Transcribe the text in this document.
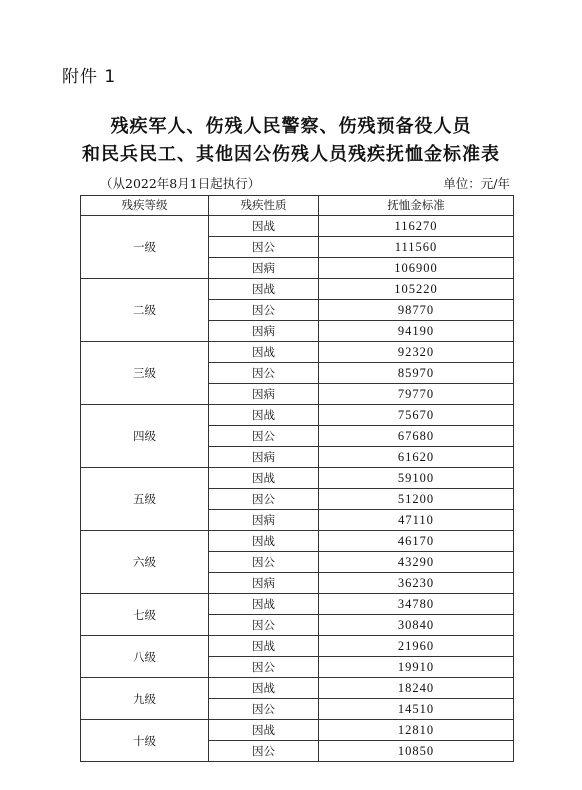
附件 1
残疾军人、伤残人民警察、伤残预备役人员
和民兵民工、其他因公伤残人员残疾抚恤金标准表
（从2022年8月1日起执行）	单位：元/年
残疾等级	残疾性质	抚恤金标准
一级	因战	116270
	因公	111560
	因病	106900
二级	因战	105220
	因公	98770
	因病	94190
三级	因战	92320
	因公	85970
	因病	79770
四级	因战	75670
	因公	67680
	因病	61620
五级	因战	59100
	因公	51200
	因病	47110
六级	因战	46170
	因公	43290
	因病	36230
七级	因战	34780
	因公	30840
八级	因战	21960
	因公	19910
九级	因战	18240
	因公	14510
十级	因战	12810
	因公	10850
